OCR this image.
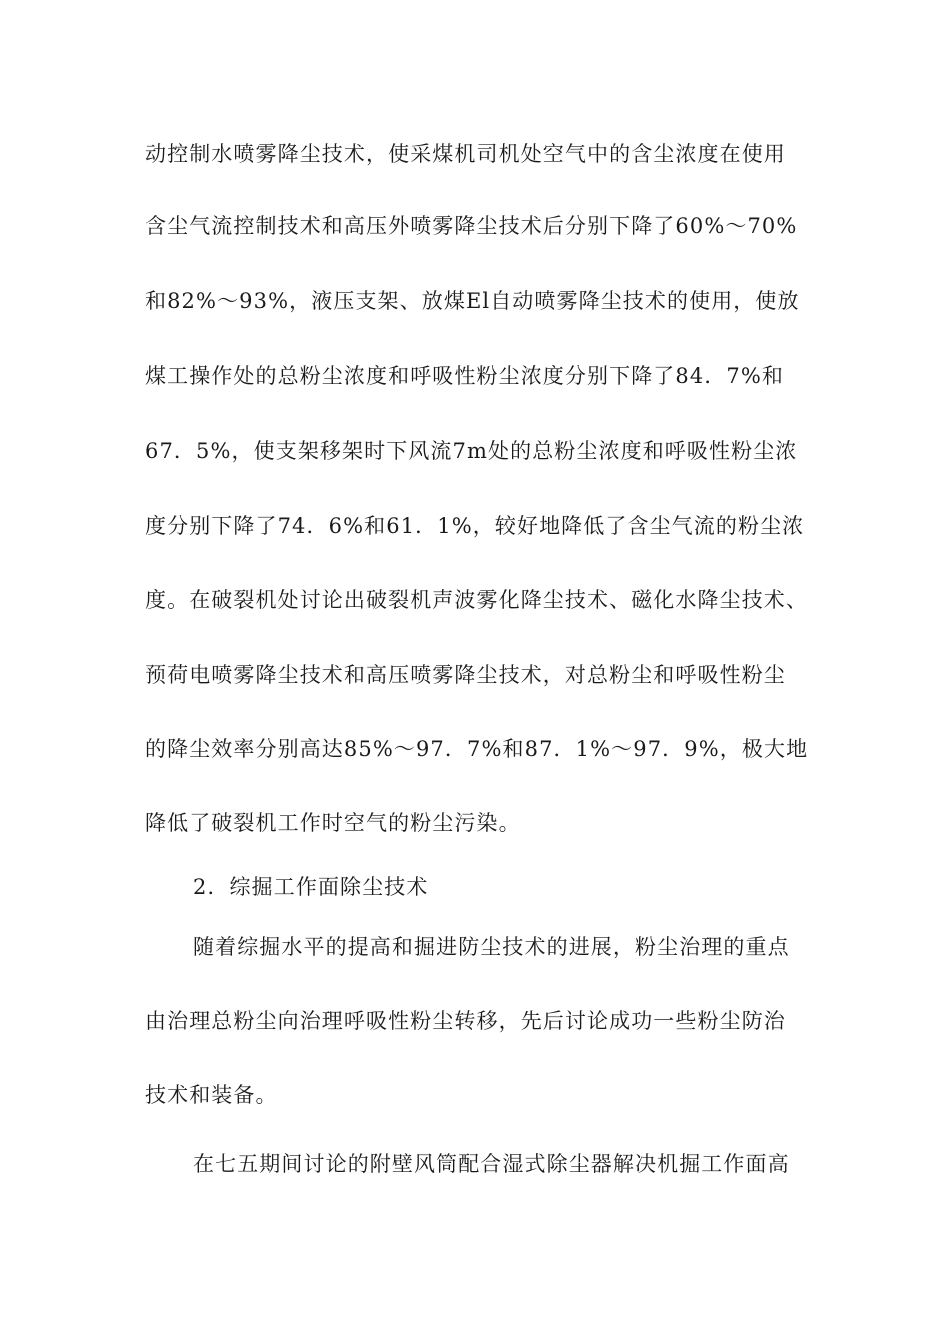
动控制水喷雾降尘技术，使采煤机司机处空气中的含尘浓度在使用
含尘气流控制技术和高压外喷雾降尘技术后分别下降了60%～70%
和82%～93%，液压支架、放煤El自动喷雾降尘技术的使用，使放
煤工操作处的总粉尘浓度和呼吸性粉尘浓度分别下降了84．7%和
67．5%，使支架移架时下风流7m处的总粉尘浓度和呼吸性粉尘浓
度分别下降了74．6%和61．1%，较好地降低了含尘气流的粉尘浓
度。在破裂机处讨论出破裂机声波雾化降尘技术、磁化水降尘技术、
预荷电喷雾降尘技术和高压喷雾降尘技术，对总粉尘和呼吸性粉尘
的降尘效率分别高达85%～97．7%和87．1%～97．9%，极大地
降低了破裂机工作时空气的粉尘污染。
2．综掘工作面除尘技术
随着综掘水平的提高和掘进防尘技术的进展，粉尘治理的重点
由治理总粉尘向治理呼吸性粉尘转移，先后讨论成功一些粉尘防治
技术和装备。
在七五期间讨论的附壁风筒配合湿式除尘器解决机掘工作面高
